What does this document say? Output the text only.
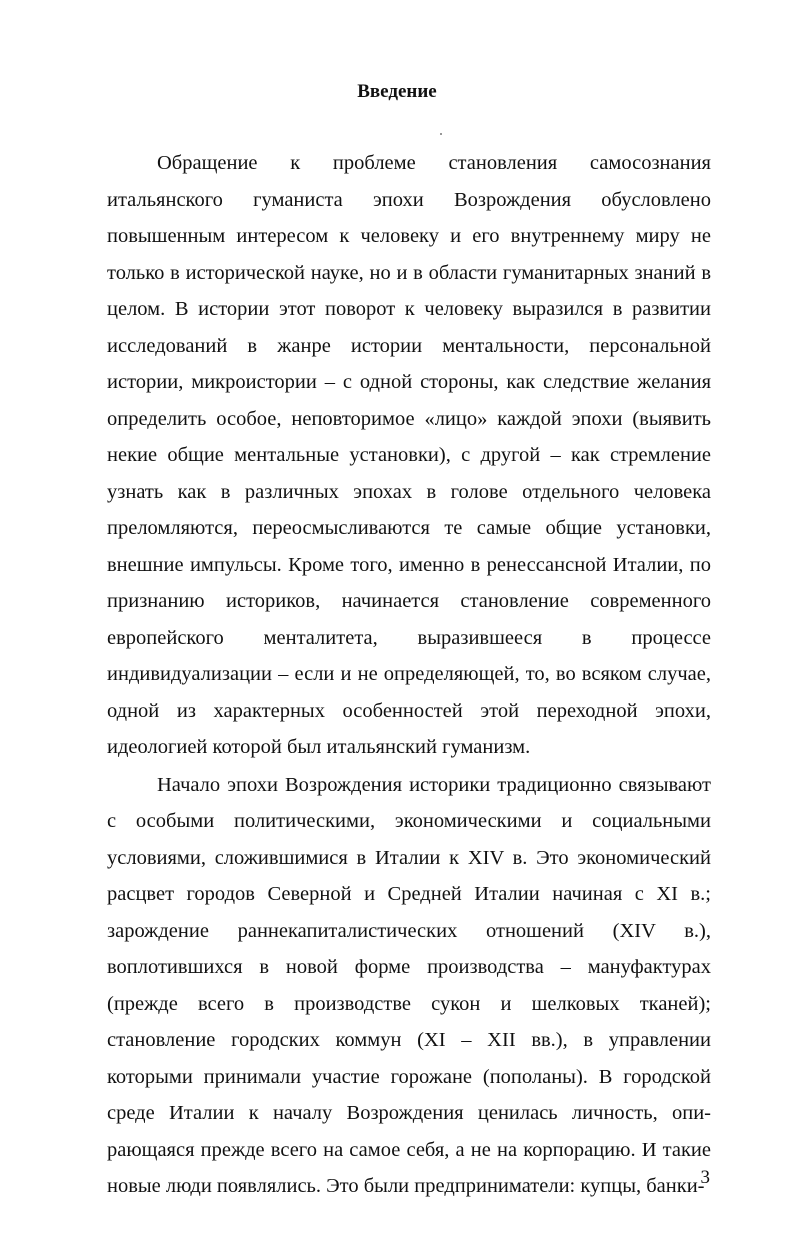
Введение

Обращение к проблеме становления самосознания итальянского гуманиста эпохи Возрождения обусловлено повышенным интересом к человеку и его внутреннему миру не только в исторической науке, но и в области гуманитарных знаний в целом. В истории этот поворот к человеку выразился в развитии исследований в жанре истории ментальности, персональной истории, микроистории – с одной стороны, как следствие желания определить особое, неповторимое «лицо» каждой эпохи (выявить некие общие ментальные установки), с другой – как стремление узнать как в различных эпохах в голове отдельного человека преломляются, переосмысливаются те самые общие установки, внешние импульсы. Кроме того, именно в ренессансной Италии, по признанию историков, начинается становление современного европейского менталитета, выразившееся в процессе индивидуализации – если и не определяющей, то, во всяком случае, одной из характерных особенностей этой переходной эпохи, идеологией которой был итальянский гуманизм.

Начало эпохи Возрождения историки традиционно связывают с особыми политическими, экономическими и социальными условиями, сложившимися в Италии к XIV в. Это экономический расцвет городов Северной и Средней Италии начиная с XI в.; зарождение раннекапиталистических отношений (XIV в.), воплотившихся в новой форме производства – мануфактурах (прежде всего в производстве сукон и шелковых тканей); становление городских коммун (XI – XII вв.), в управлении которыми принимали участие горожане (пополаны). В городской среде Италии к началу Возрождения ценилась личность, опирающаяся прежде всего на самое себя, а не на корпорацию. И такие новые люди появлялись. Это были предприниматели: купцы, банки-

3
